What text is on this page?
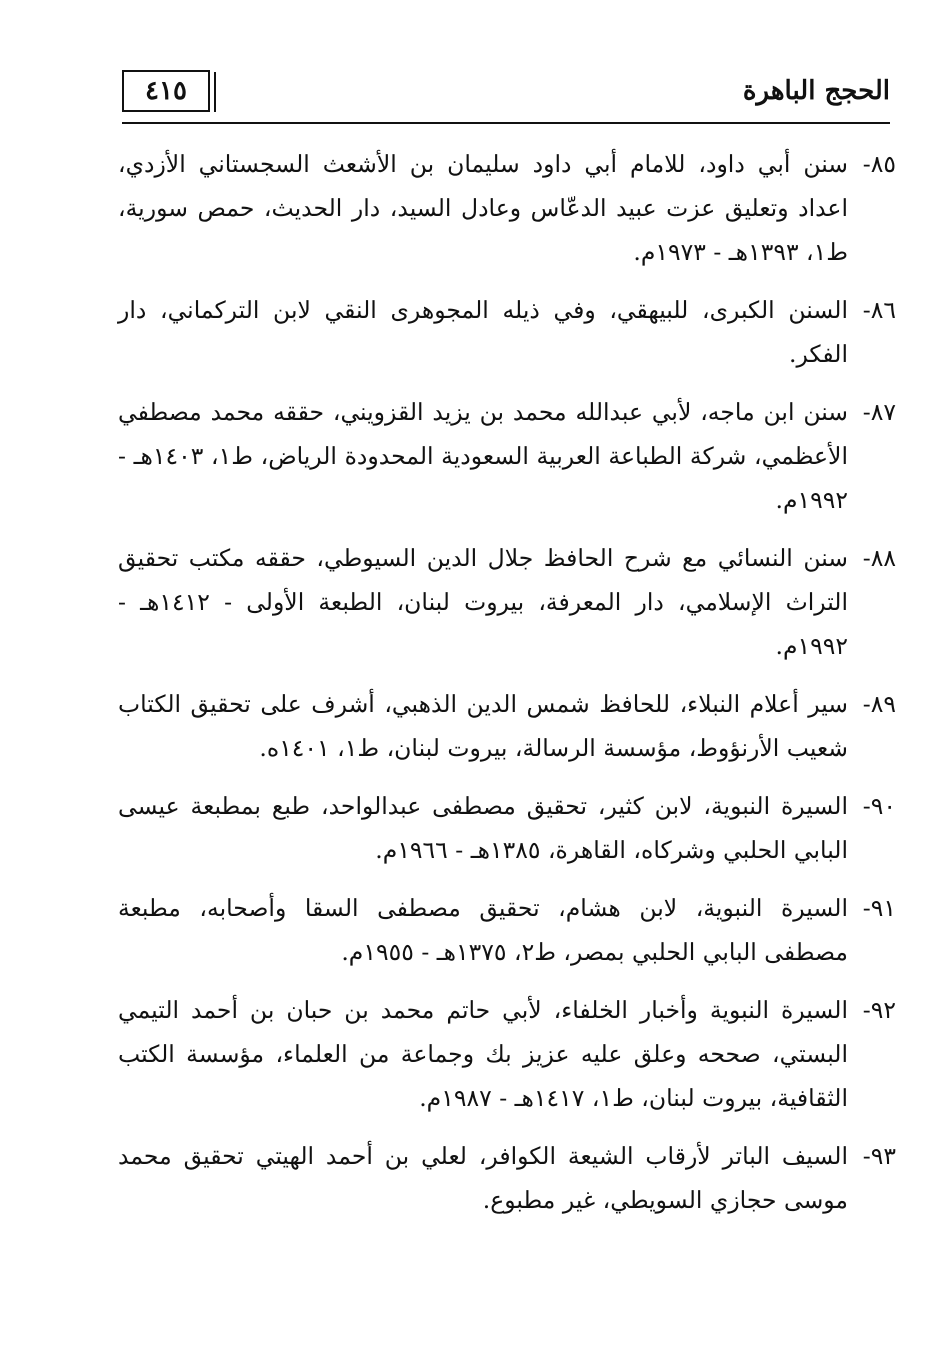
٤١٥	الحجج الباهرة
٨٥-
سنن أبي داود، للامام أبي داود سليمان بن الأشعث السجستاني الأزدي، اعداد وتعليق عزت عبيد الدعّاس وعادل السيد، دار الحديث، حمص سورية، ط١، ١٣٩٣هـ - ١٩٧٣م.
٨٦-
السنن الكبرى، للبيهقي، وفي ذيله المجوهرى النقي لابن التركماني، دار الفكر.
٨٧-
سنن ابن ماجه، لأبي عبدالله محمد بن يزيد القزويني، حققه محمد مصطفي الأعظمي، شركة الطباعة العربية السعودية المحدودة الرياض، ط١، ١٤٠٣هـ - ١٩٩٢م.
٨٨-
سنن النسائي مع شرح الحافظ جلال الدين السيوطي، حققه مكتب تحقيق التراث الإسلامي، دار المعرفة، بيروت لبنان، الطبعة الأولى - ١٤١٢هـ - ١٩٩٢م.
٨٩-
سير أعلام النبلاء، للحافظ شمس الدين الذهبي، أشرف على تحقيق الكتاب شعيب الأرنؤوط، مؤسسة الرسالة، بيروت لبنان، ط١، ١٤٠١ه.
٩٠-
السيرة النبوية، لابن كثير، تحقيق مصطفى عبدالواحد، طبع بمطبعة عيسى البابي الحلبي وشركاه، القاهرة، ١٣٨٥هـ - ١٩٦٦م.
٩١-
السيرة النبوية، لابن هشام، تحقيق مصطفى السقا وأصحابه، مطبعة مصطفى البابي الحلبي بمصر، ط٢، ١٣٧٥هـ - ١٩٥٥م.
٩٢-
السيرة النبوية وأخبار الخلفاء، لأبي حاتم محمد بن حبان بن أحمد التيمي البستي، صححه وعلق عليه عزيز بك وجماعة من العلماء، مؤسسة الكتب الثقافية، بيروت لبنان، ط١، ١٤١٧هـ - ١٩٨٧م.
٩٣-
السيف الباتر لأرقاب الشيعة الكوافر، لعلي بن أحمد الهيتي تحقيق محمد موسى حجازي السويطي، غير مطبوع.
